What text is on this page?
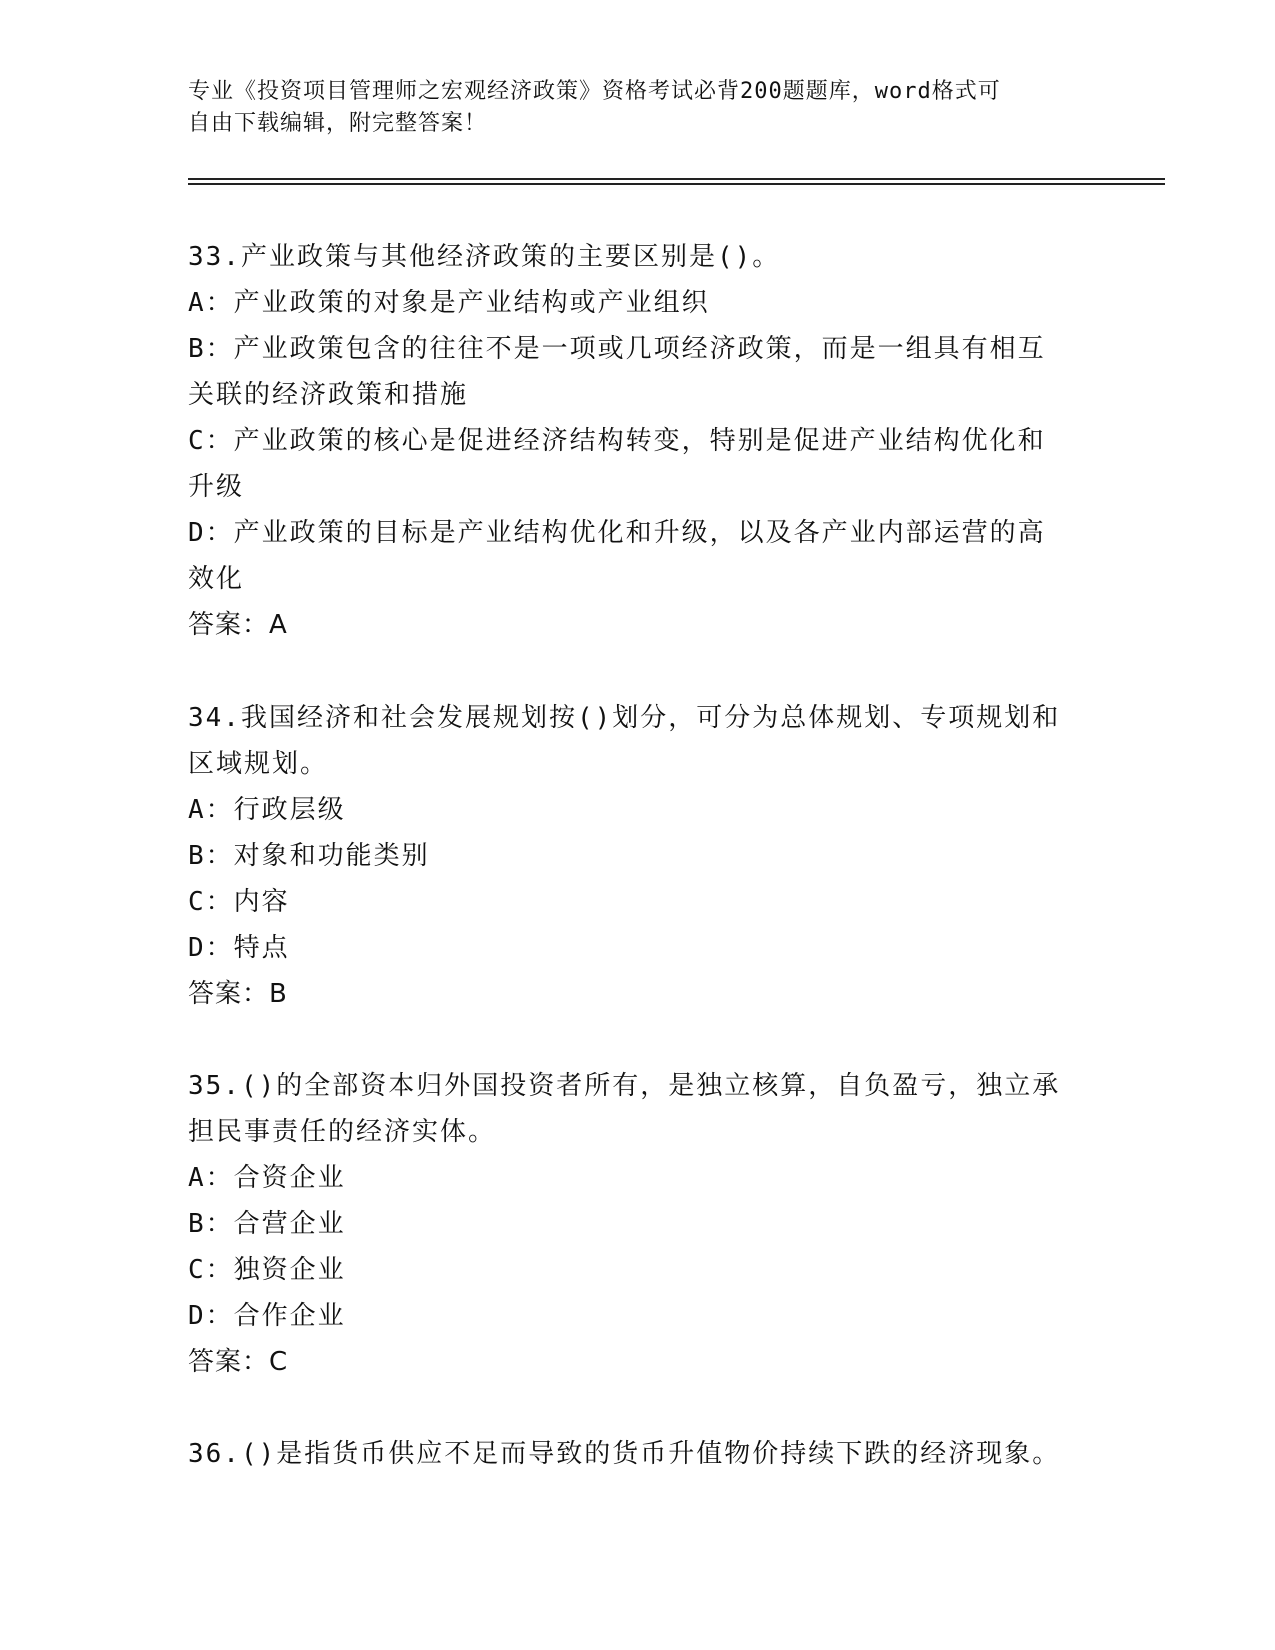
专业《投资项目管理师之宏观经济政策》资格考试必背200题题库，word格式可
自由下载编辑，附完整答案！
33.产业政策与其他经济政策的主要区别是()。
A：产业政策的对象是产业结构或产业组织
B：产业政策包含的往往不是一项或几项经济政策，而是一组具有相互
关联的经济政策和措施
C：产业政策的核心是促进经济结构转变，特别是促进产业结构优化和
升级
D：产业政策的目标是产业结构优化和升级，以及各产业内部运营的高
效化
答案：A
34.我国经济和社会发展规划按()划分，可分为总体规划、专项规划和
区域规划。
A：行政层级
B：对象和功能类别
C：内容
D：特点
答案：B
35.()的全部资本归外国投资者所有，是独立核算，自负盈亏，独立承
担民事责任的经济实体。
A：合资企业
B：合营企业
C：独资企业
D：合作企业
答案：C
36.()是指货币供应不足而导致的货币升值物价持续下跌的经济现象。
